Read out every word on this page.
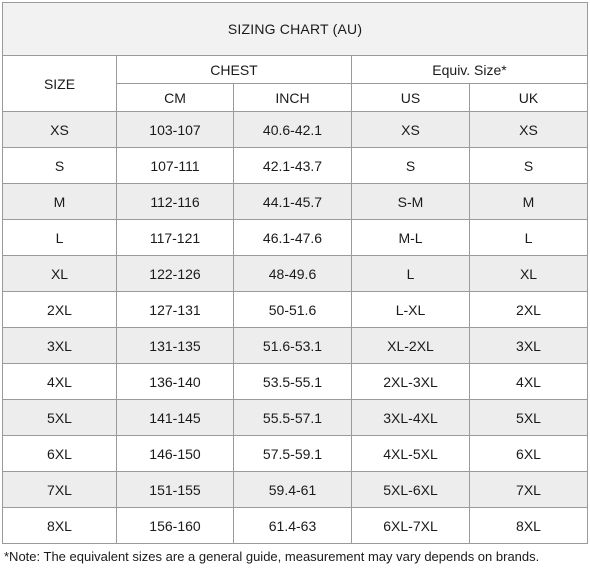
SIZING CHART (AU)				
SIZE	CHEST		Equiv. Size*	
	CM	INCH	US	UK
XS	103-107	40.6-42.1	XS	XS
S	107-111	42.1-43.7	S	S
M	112-116	44.1-45.7	S-M	M
L	117-121	46.1-47.6	M-L	L
XL	122-126	48-49.6	L	XL
2XL	127-131	50-51.6	L-XL	2XL
3XL	131-135	51.6-53.1	XL-2XL	3XL
4XL	136-140	53.5-55.1	2XL-3XL	4XL
5XL	141-145	55.5-57.1	3XL-4XL	5XL
6XL	146-150	57.5-59.1	4XL-5XL	6XL
7XL	151-155	59.4-61	5XL-6XL	7XL
8XL	156-160	61.4-63	6XL-7XL	8XL

*Note: The equivalent sizes are a general guide, measurement may vary depends on brands.
